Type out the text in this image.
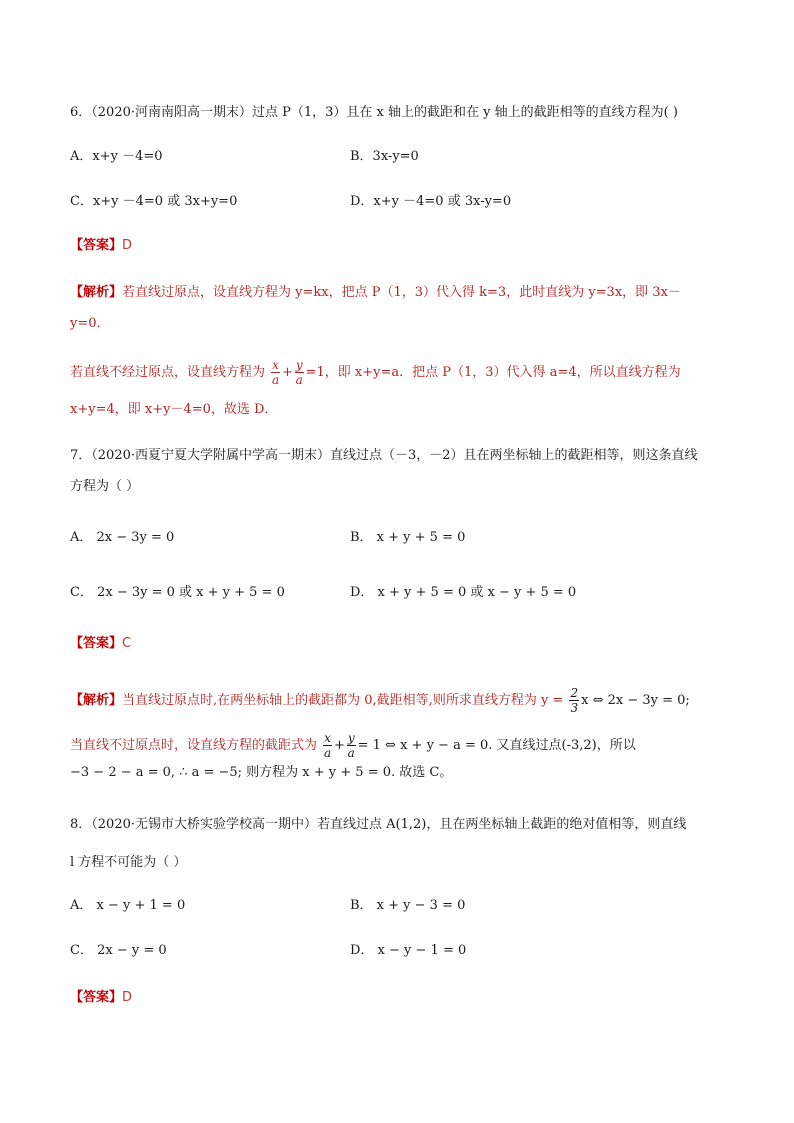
6．（2020·河南南阳高一期末）过点 P（1，3）且在 x 轴上的截距和在 y 轴上的截距相等的直线方程为( )
A．x+y －4=0	B．3x-y=0
C．x+y －4=0 或 3x+y=0	D．x+y －4=0 或 3x-y=0
【答案】D
【解析】若直线过原点，设直线方程为 y=kx，把点 P（1，3）代入得 k=3，此时直线为 y=3x，即 3x－
y=0．
若直线不经过原点，设直线方程为 $\frac{x}{a} + \frac{y}{a} =1$，即 x+y=a．把点 P（1，3）代入得 a=4，所以直线方程为
x+y=4，即 x+y－4=0，故选 D．
7．（2020·西夏宁夏大学附属中学高一期末）直线过点（－3，－2）且在两坐标轴上的截距相等，则这条直线
方程为（ ）
A． 2x − 3y = 0	B． x + y + 5 = 0
C． 2x − 3y = 0 或 x + y + 5 = 0	D． x + y + 5 = 0 或 x − y + 5 = 0
【答案】C
【解析】当直线过原点时,在两坐标轴上的截距都为 0,截距相等,则所求直线方程为 $y = \frac{2}{3}$ x ⇔ 2x − 3y = 0;
当直线不过原点时，设直线方程的截距式为 $\frac{x}{a} + \frac{y}{a} = 1$ ⇔ x + y − a = 0. 又直线过点(-3,2)，所以
−3 − 2 − a = 0, ∴ a = −5; 则方程为 x + y + 5 = 0. 故选 C。
8．（2020·无锡市大桥实验学校高一期中）若直线过点 A(1,2)，且在两坐标轴上截距的绝对值相等，则直线
l 方程不可能为（ ）
A． x − y + 1 = 0	B． x + y − 3 = 0
C． 2x − y = 0	D． x − y − 1 = 0
【答案】D
